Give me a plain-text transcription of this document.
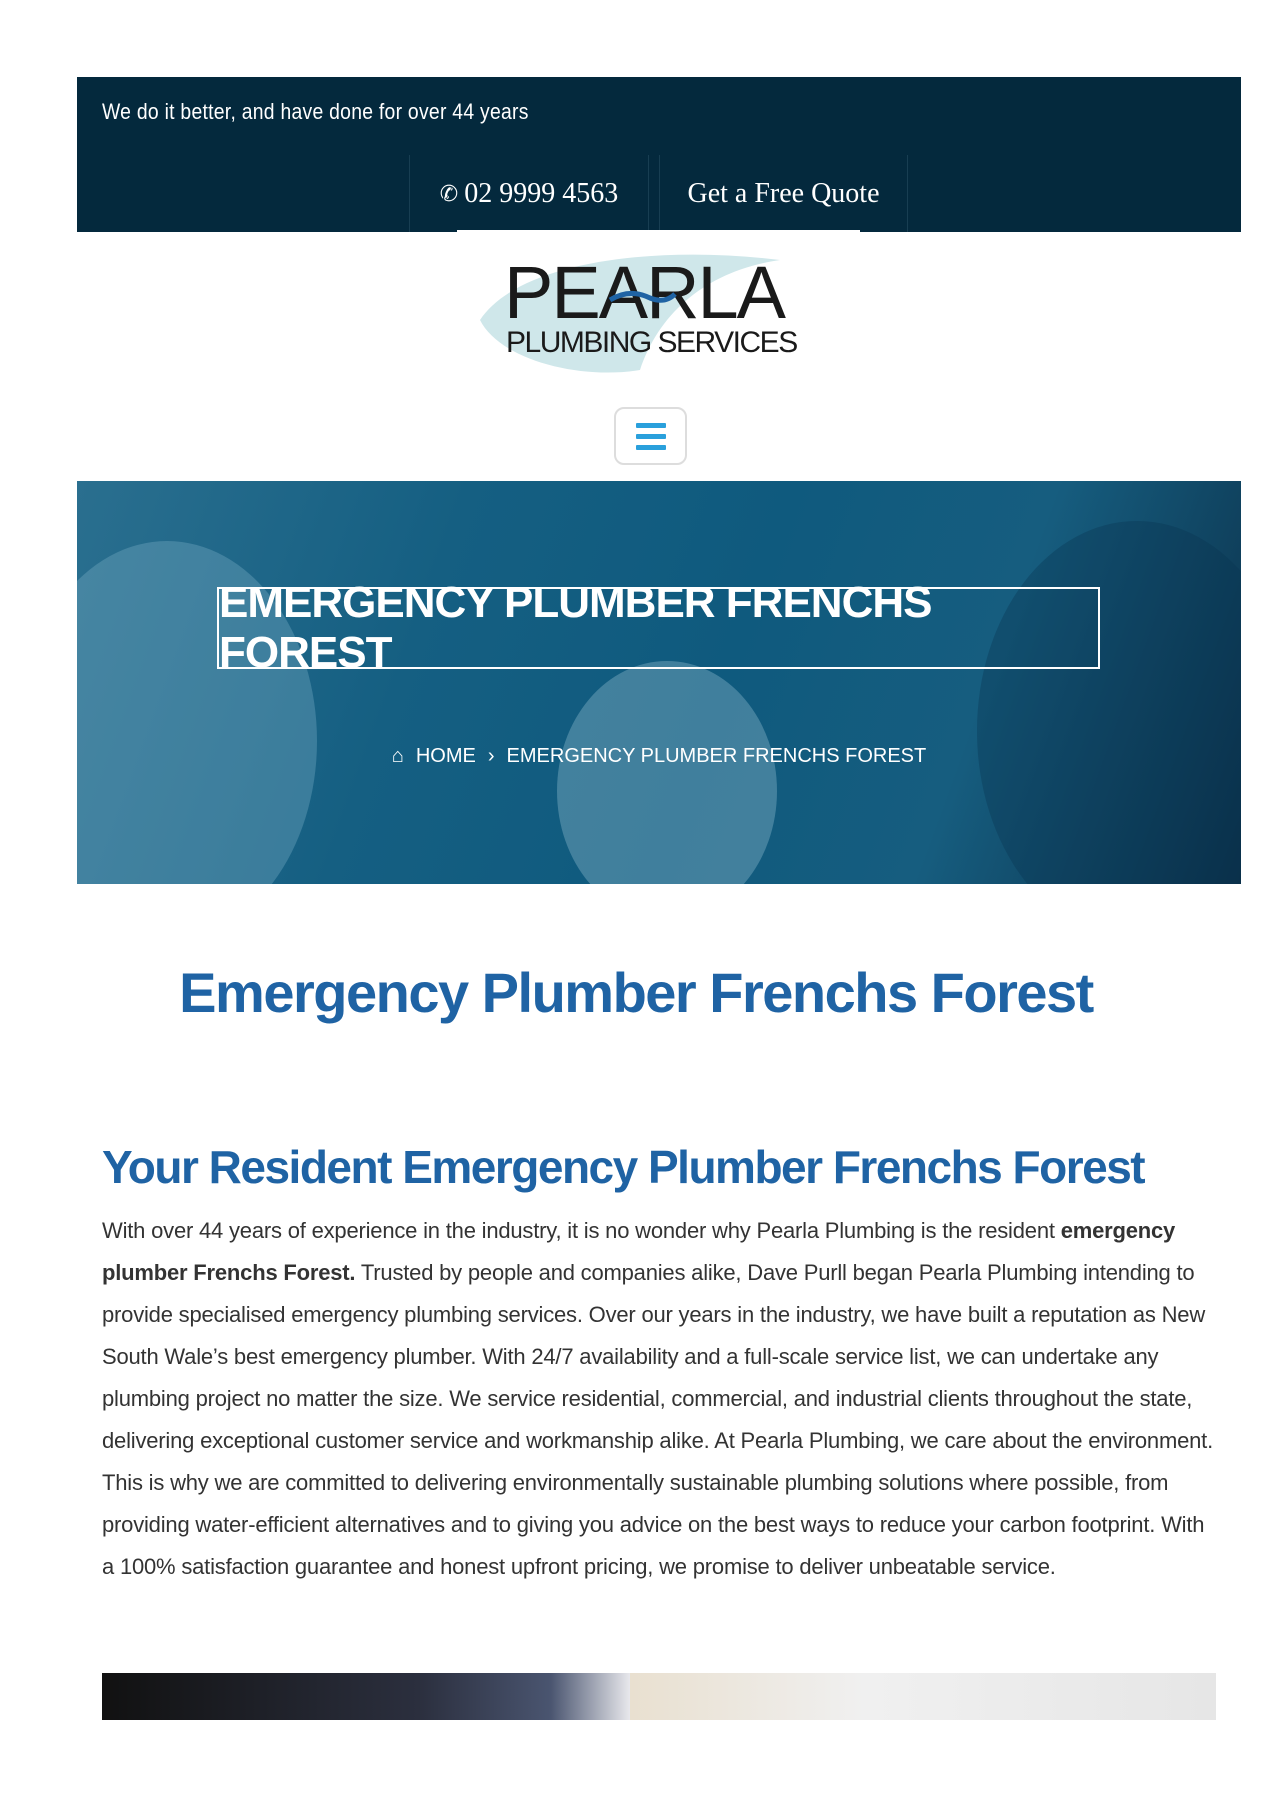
We do it better, and have done for over 44 years
✆ 02 9999 4563	Get a Free Quote
PEARLA
PLUMBING SERVICES
EMERGENCY PLUMBER FRENCHS FOREST
⌂ HOME › EMERGENCY PLUMBER FRENCHS FOREST
Emergency Plumber Frenchs Forest
Your Resident Emergency Plumber Frenchs Forest

With over 44 years of experience in the industry, it is no wonder why Pearla Plumbing is the resident emergency plumber Frenchs Forest. Trusted by people and companies alike, Dave Purll began Pearla Plumbing intending to provide specialised emergency plumbing services. Over our years in the industry, we have built a reputation as New South Wale’s best emergency plumber. With 24/7 availability and a full-scale service list, we can undertake any plumbing project no matter the size. We service residential, commercial, and industrial clients throughout the state, delivering exceptional customer service and workmanship alike. At Pearla Plumbing, we care about the environment. This is why we are committed to delivering environmentally sustainable plumbing solutions where possible, from providing water-efficient alternatives and to giving you advice on the best ways to reduce your carbon footprint. With a 100% satisfaction guarantee and honest upfront pricing, we promise to deliver unbeatable service.
